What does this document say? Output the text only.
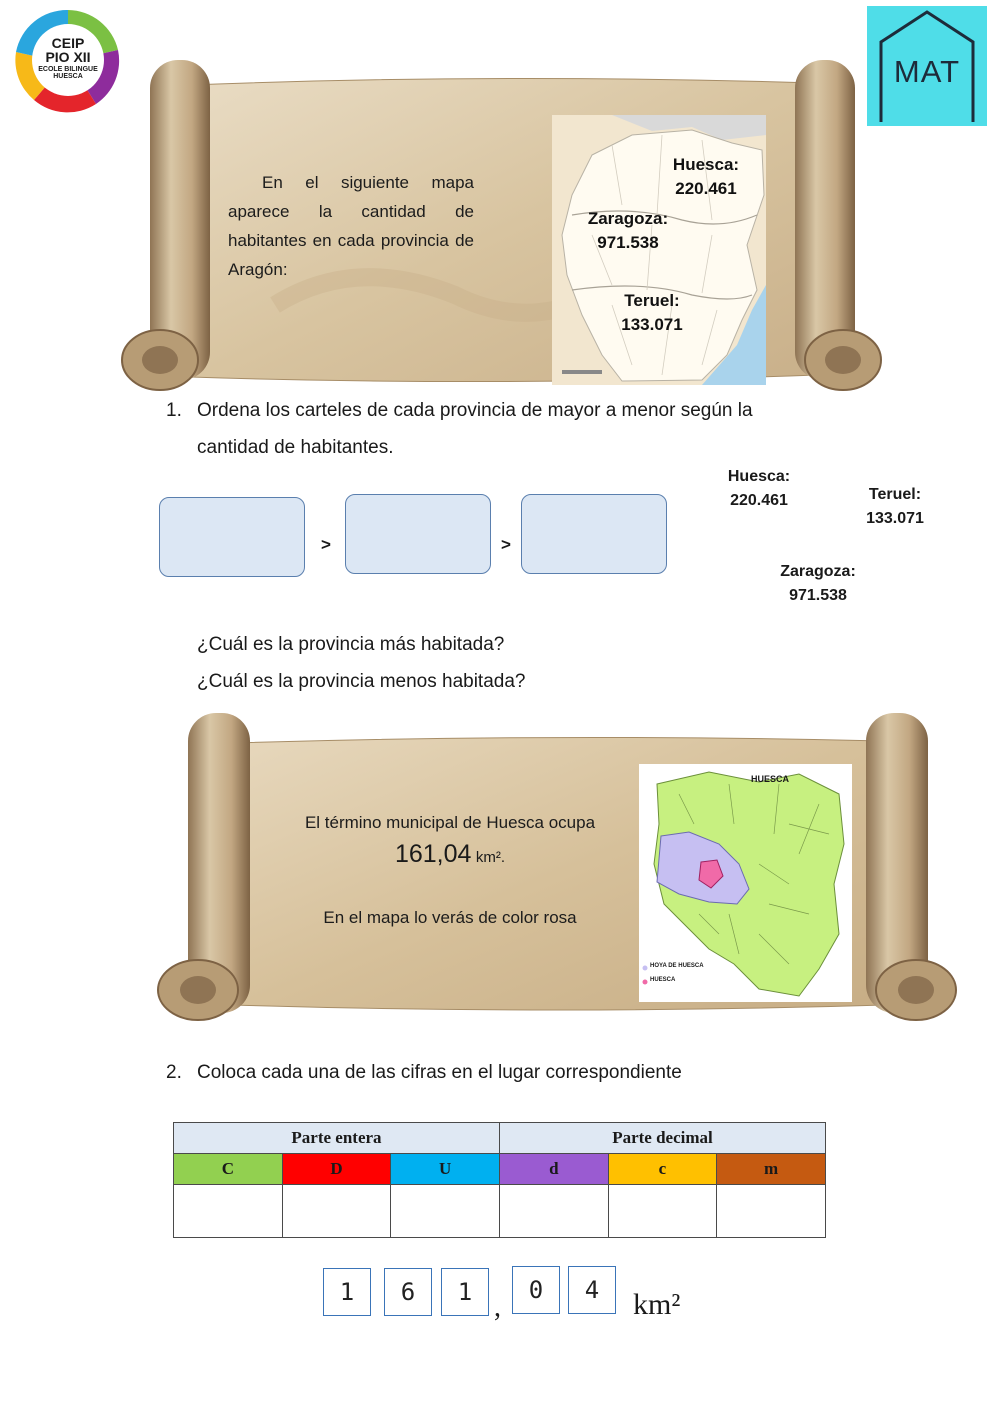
CEIP
PIO XII
ECOLE BILINGUE
HUESCA	MAT
En el siguiente mapa aparece la cantidad de habitantes en cada provincia de Aragón:
Huesca:
220.461
Zaragoza:
971.538
Teruel:
133.071
1. Ordena los carteles de cada provincia de mayor a menor según la
cantidad de habitantes.
>	>
Huesca:
220.461	Teruel:
133.071
Zaragoza:
971.538
¿Cuál es la provincia más habitada?
¿Cuál es la provincia menos habitada?
El término municipal de Huesca ocupa
161,04 km².
En el mapa lo verás de color rosa
HUESCA
HOYA DE HUESCA
HUESCA
2. Coloca cada una de las cifras en el lugar correspondiente
Parte entera			Parte decimal		
C	D	U	d	c	m

1	6	1 ,
0	4	km²
